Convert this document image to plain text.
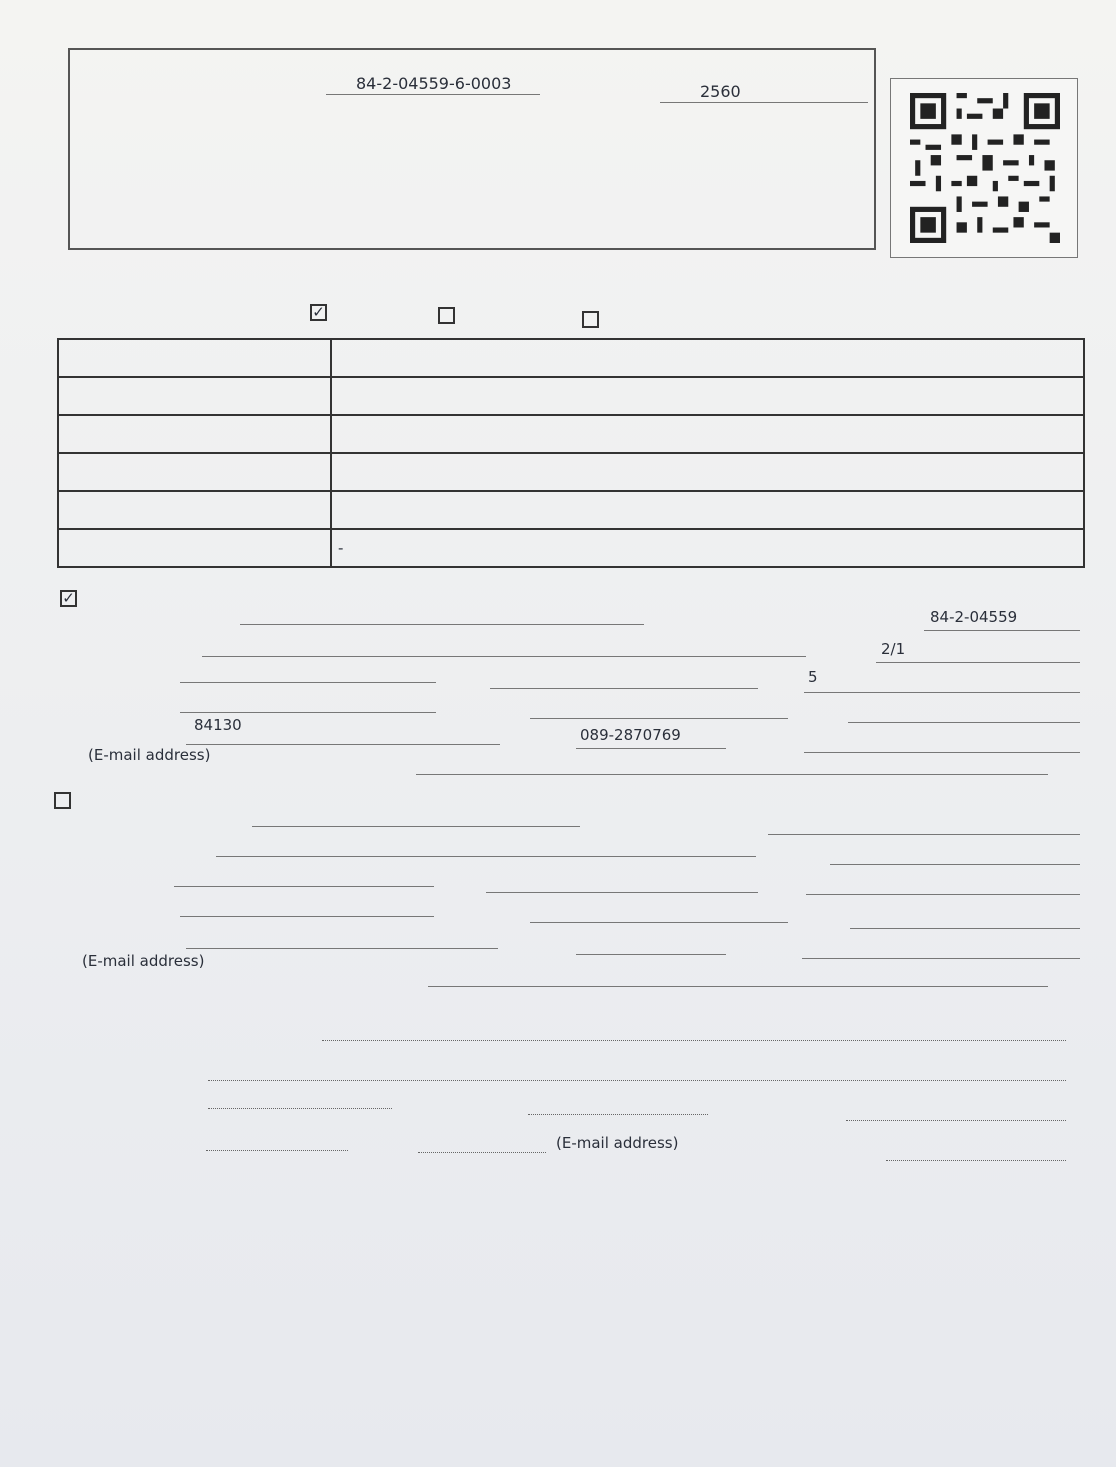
84-2-04559-6-0003	2560
✓

	-
✓
84-2-04559
2/1
5
84130
089-2870769
(E-mail address)
(E-mail address)
(E-mail address)
